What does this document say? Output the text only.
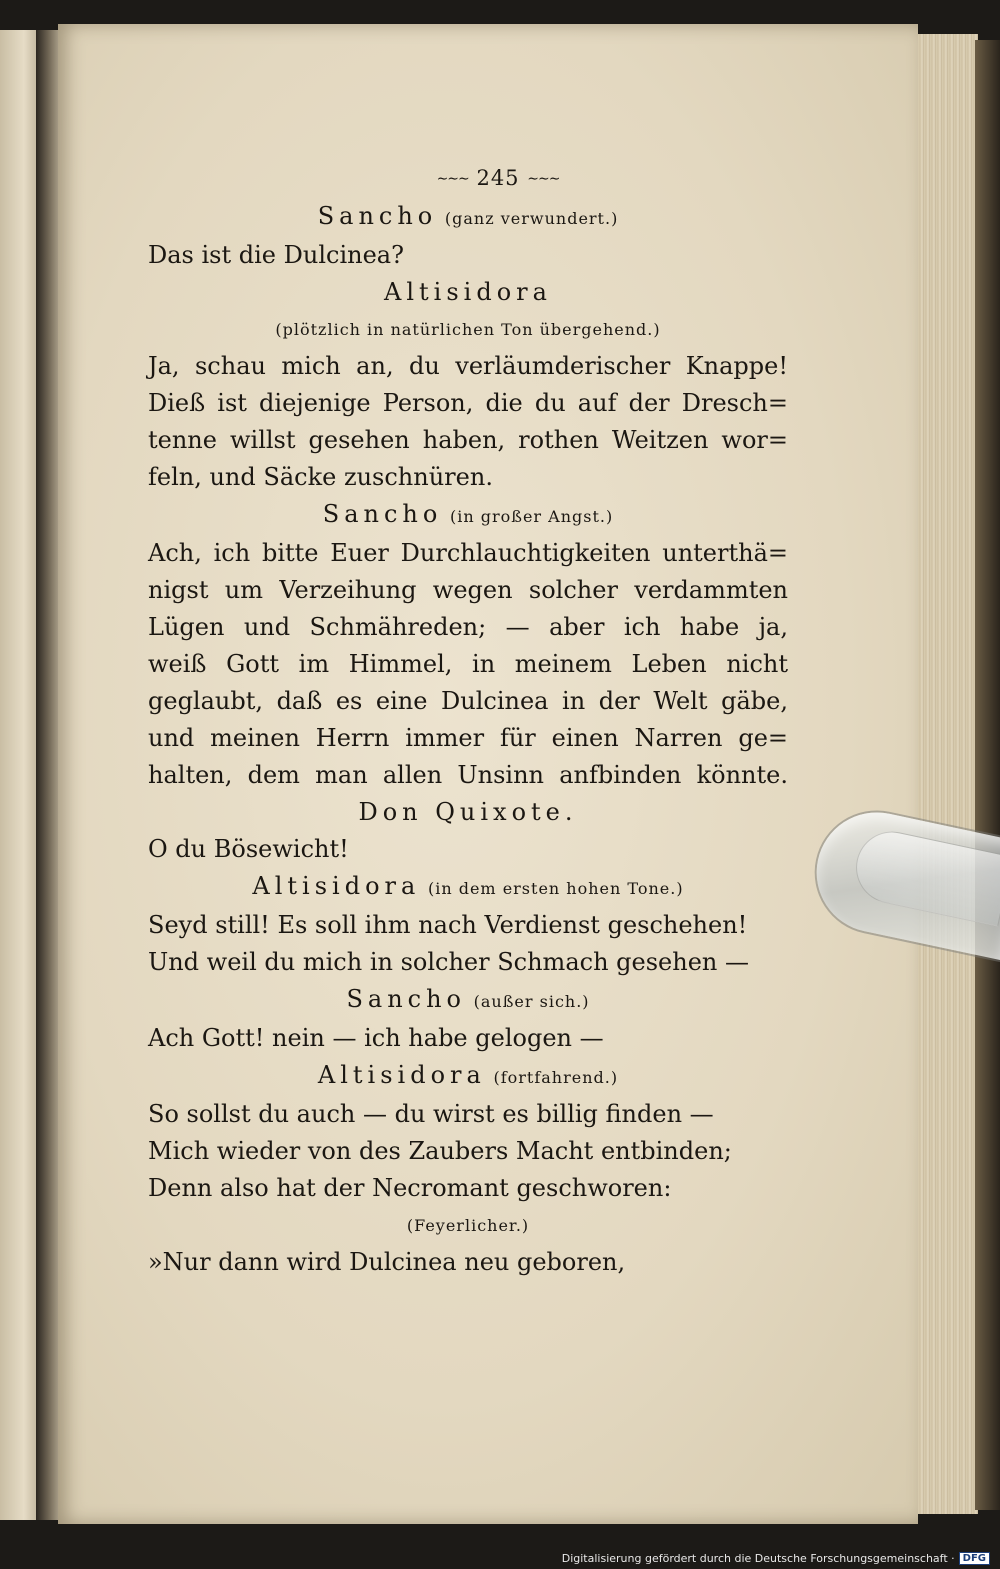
∼∼∼ 245 ∼∼∼

Sancho (ganz verwundert.)

Das ist die Dulcinea?

Altisidora

(plötzlich in natürlichen Ton übergehend.)

Ja, schau mich an, du verläumderischer Knappe!

Dieß ist diejenige Person, die du auf der Dresch=

tenne willst gesehen haben, rothen Weitzen wor=

feln, und Säcke zuschnüren.

Sancho (in großer Angst.)

Ach, ich bitte Euer Durchlauchtigkeiten unterthä=

nigst um Verzeihung wegen solcher verdammten

Lügen und Schmähreden; — aber ich habe ja,

weiß Gott im Himmel, in meinem Leben nicht

geglaubt, daß es eine Dulcinea in der Welt gäbe,

und meinen Herrn immer für einen Narren ge=

halten, dem man allen Unsinn anfbinden könnte.

Don Quixote.

O du Bösewicht!

Altisidora (in dem ersten hohen Tone.)

Seyd still! Es soll ihm nach Verdienst geschehen!

Und weil du mich in solcher Schmach gesehen —

Sancho (außer sich.)

Ach Gott! nein — ich habe gelogen —

Altisidora (fortfahrend.)

So sollst du auch — du wirst es billig finden —

Mich wieder von des Zaubers Macht entbinden;

Denn also hat der Necromant geschworen:

(Feyerlicher.)

»Nur dann wird Dulcinea neu geboren,

Digitalisierung gefördert durch die Deutsche Forschungsgemeinschaft · DFG
